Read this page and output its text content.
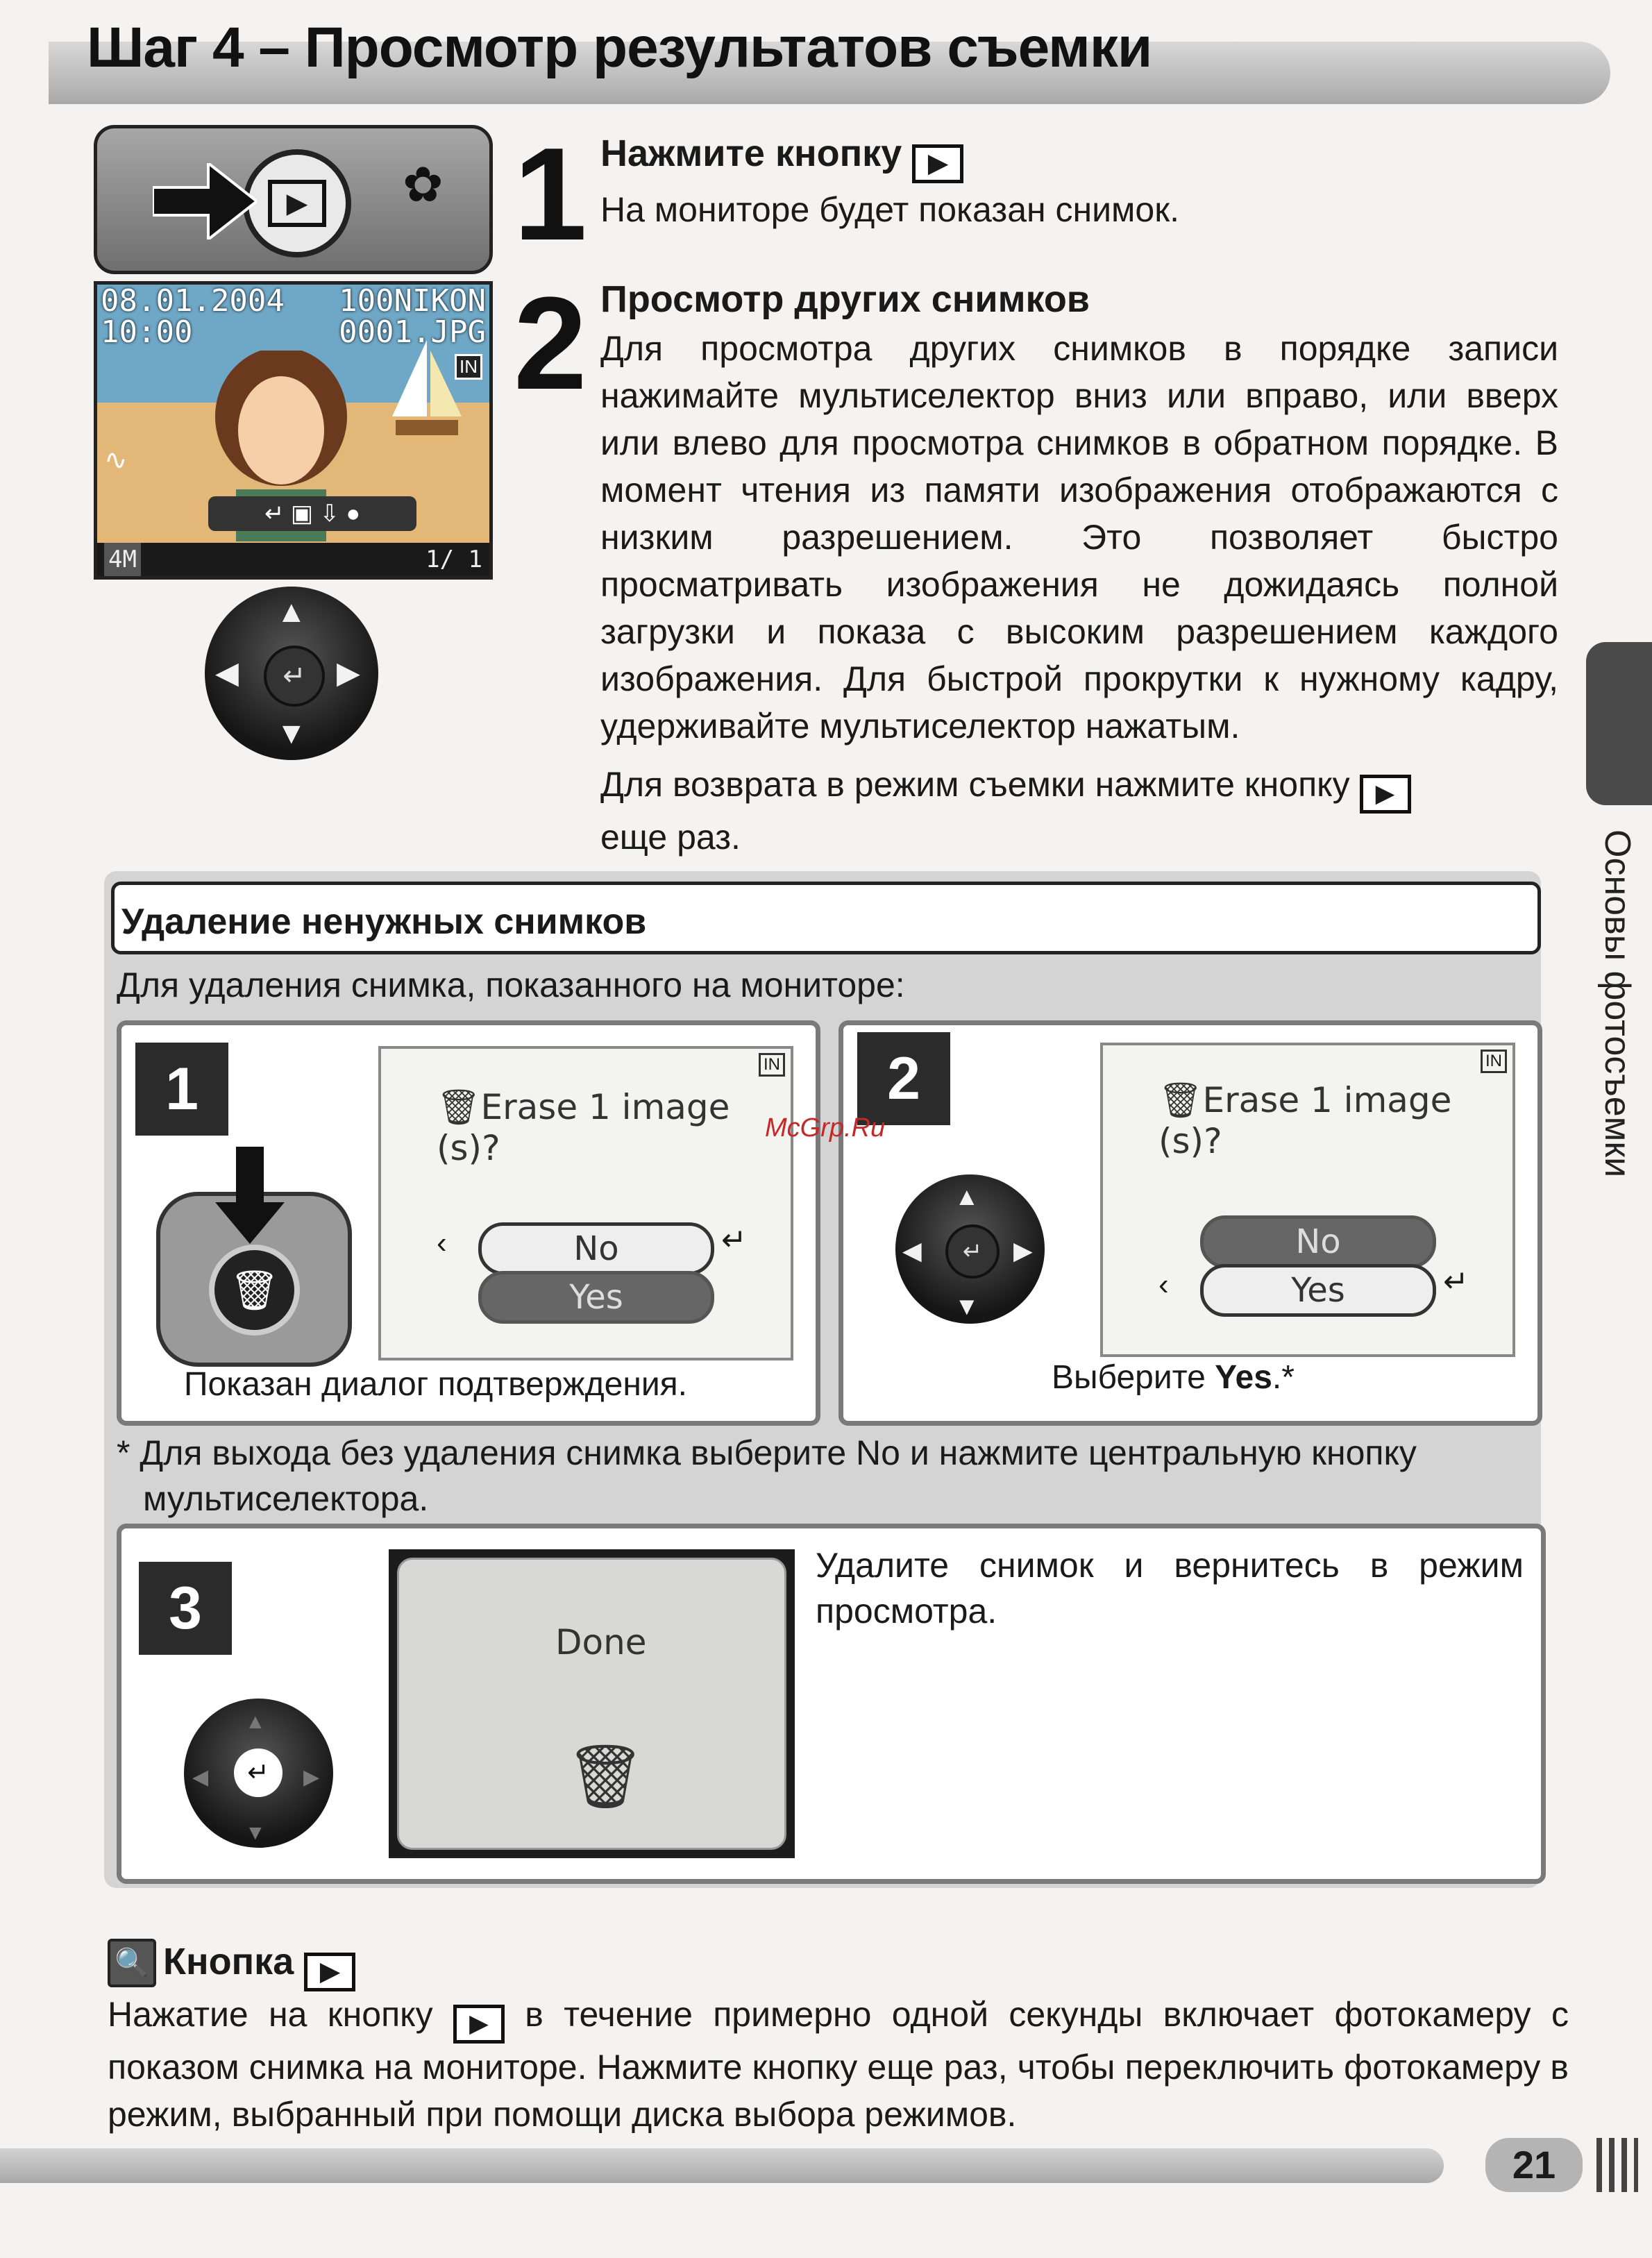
Шаг 4 – Просмотр результатов съемки
▶	✿
08.01.2004
10:00
100NIKON
0001.JPG
IN
∿
↵ ▣ ⇩ ●
4M	1/ 1
↵
▲
▼
◀	▶
1 Нажмите кнопку ▶
На мониторе будет показан снимок.
2 Просмотр других снимков
Для просмотра других снимков в порядке записи нажимайте мультиселектор вниз или вправо, или вверх или влево для просмотра снимков в обратном порядке. В момент чтения из памяти изображения отображаются с низким разрешением. Это позволяет быстро просматривать изображения не дожидаясь полной загрузки и показа с высоким разрешением каждого изображения. Для быстрой прокрутки к нужному кадру, удерживайте мультиселектор нажатым.
Для возврата в режим съемки нажмите кнопку ▶
еще раз.	Основы фотосъемки
Удаление ненужных снимков
Для удаления снимка, показанного на мониторе:
1
🗑
IN
🗑Erase 1 image (s)?
‹	No
Yes
↵
Показан диалог подтверждения.
2
↵
▲
▼
◀	▶
IN
🗑Erase 1 image (s)?
No
‹	Yes	↵
Выберите Yes.*
* Для выхода без удаления снимка выберите No и нажмите центральную кнопку мультиселектора.
3
↵
▲
▼
◀	▶
Done
🗑
Удалите снимок и вернитесь в режим просмотра.
🔍 Кнопка ▶
Нажатие на кнопку ▶ в течение примерно одной секунды включает фотокамеру с показом снимка на мониторе. Нажмите кнопку еще раз, чтобы переключить фотокамеру в режим, выбранный при помощи диска выбора режимов.
McGrp.Ru
21
